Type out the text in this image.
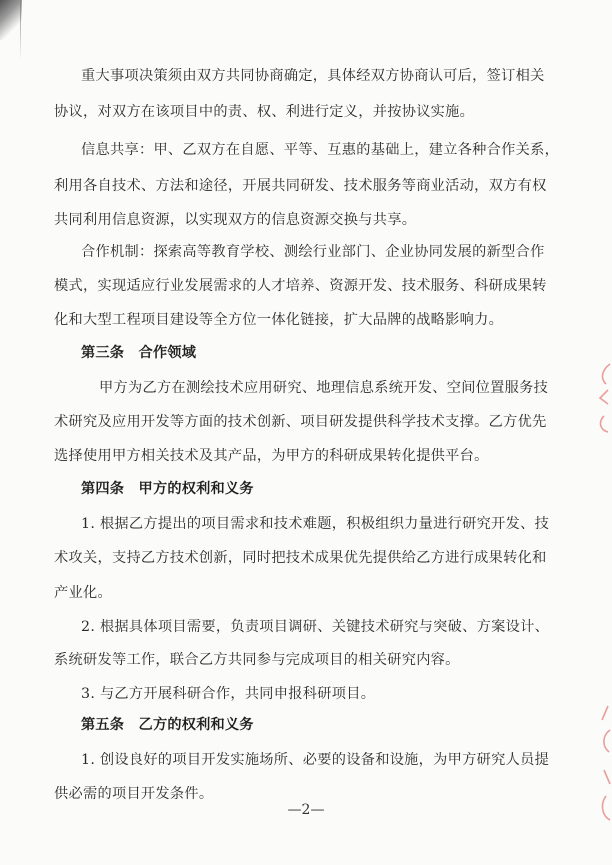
重大事项决策须由双方共同协商确定，具体经双方协商认可后，签订相关
协议，对双方在该项目中的责、权、利进行定义，并按协议实施。
信息共享：甲、乙双方在自愿、平等、互惠的基础上，建立各种合作关系，
利用各自技术、方法和途径，开展共同研发、技术服务等商业活动，双方有权
共同利用信息资源，以实现双方的信息资源交换与共享。
合作机制：探索高等教育学校、测绘行业部门、企业协同发展的新型合作
模式，实现适应行业发展需求的人才培养、资源开发、技术服务、科研成果转
化和大型工程项目建设等全方位一体化链接，扩大品牌的战略影响力。
第三条　合作领域
甲方为乙方在测绘技术应用研究、地理信息系统开发、空间位置服务技
术研究及应用开发等方面的技术创新、项目研发提供科学技术支撑。乙方优先
选择使用甲方相关技术及其产品，为甲方的科研成果转化提供平台。
第四条　甲方的权利和义务
1. 根据乙方提出的项目需求和技术难题，积极组织力量进行研究开发、技
术攻关，支持乙方技术创新，同时把技术成果优先提供给乙方进行成果转化和
产业化。
2. 根据具体项目需要，负责项目调研、关键技术研究与突破、方案设计、
系统研发等工作，联合乙方共同参与完成项目的相关研究内容。
3. 与乙方开展科研合作，共同申报科研项目。
第五条　乙方的权利和义务
1. 创设良好的项目开发实施场所、必要的设备和设施，为甲方研究人员提
供必需的项目开发条件。
—2—
